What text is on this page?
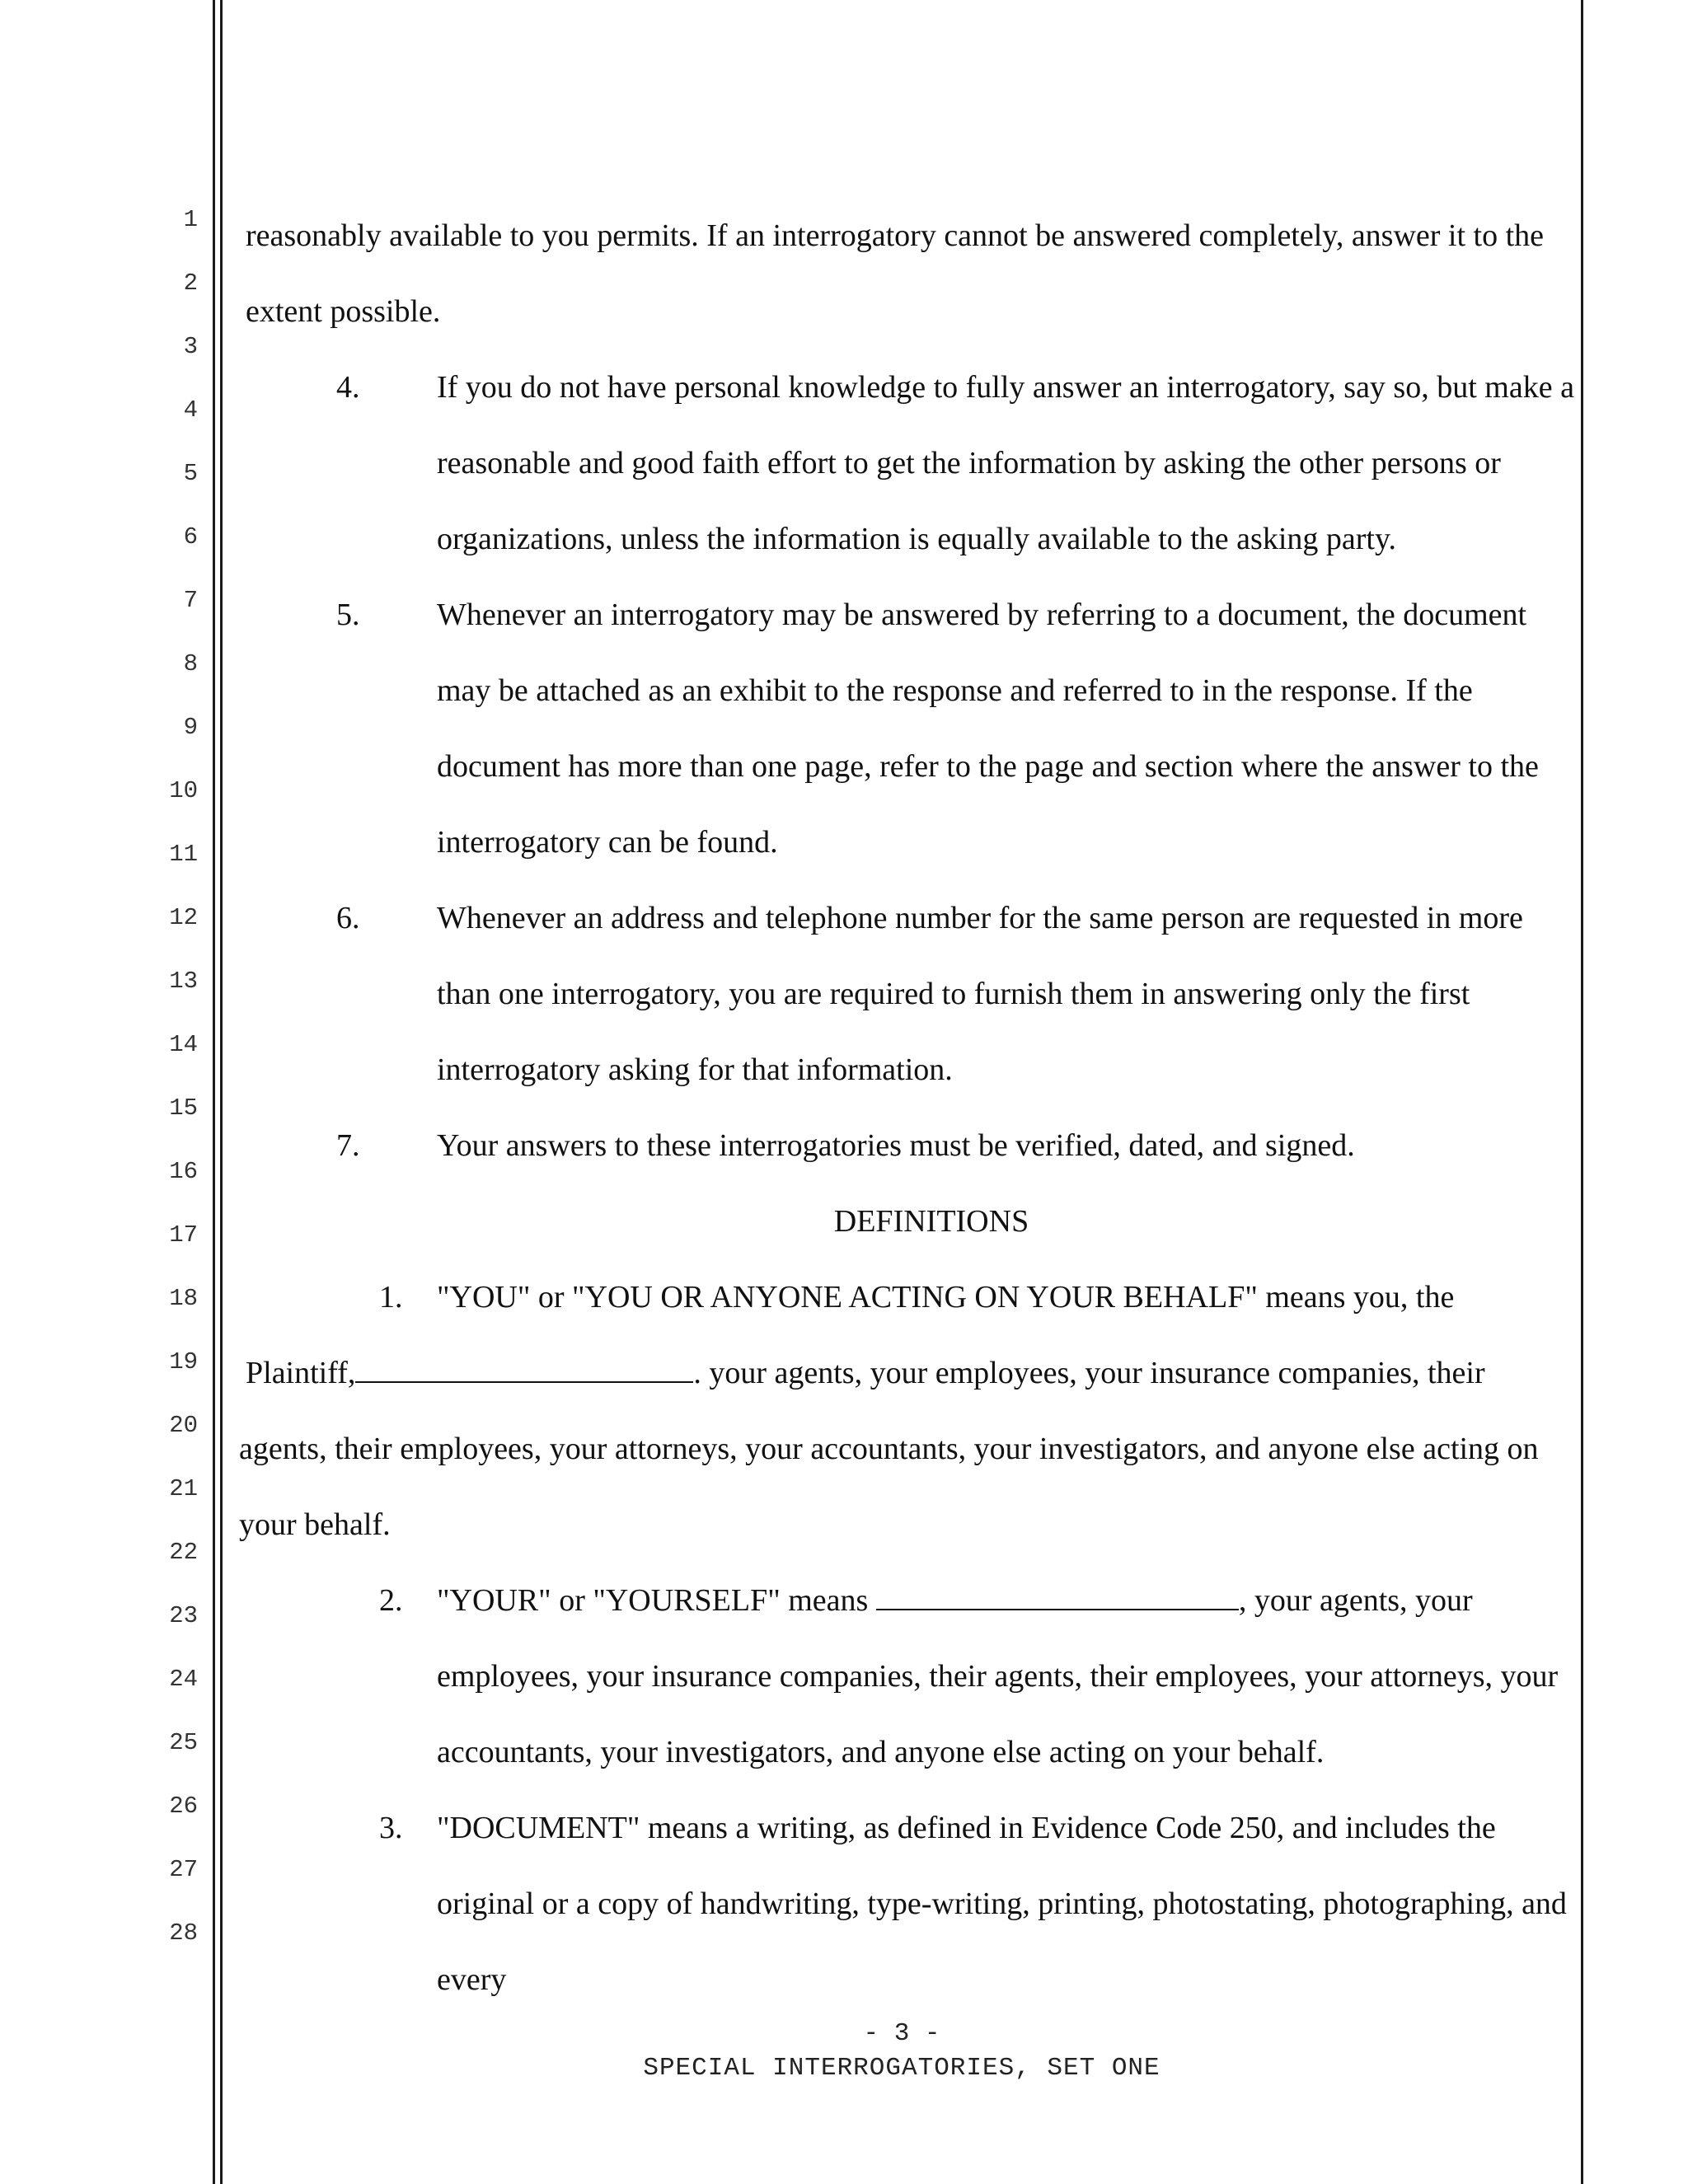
1
2
3
4
5
6
7
8
9
10
11
12
13
14
15
16
17
18
19
20
21
22
23
24
25
26
27
28

reasonably available to you permits. If an interrogatory cannot be answered completely, answer it to the extent possible.

4. If you do not have personal knowledge to fully answer an interrogatory, say so, but make a reasonable and good faith effort to get the information by asking the other persons or organizations, unless the information is equally available to the asking party.

5. Whenever an interrogatory may be answered by referring to a document, the document may be attached as an exhibit to the response and referred to in the response. If the document has more than one page, refer to the page and section where the answer to the interrogatory can be found.

6. Whenever an address and telephone number for the same person are requested in more than one interrogatory, you are required to furnish them in answering only the first interrogatory asking for that information.

7. Your answers to these interrogatories must be verified, dated, and signed.

DEFINITIONS

1. "YOU" or "YOU OR ANYONE ACTING ON YOUR BEHALF" means you, the

Plaintiff,	. your agents, your employees, your insurance companies, their agents, their employees, your attorneys, your accountants, your investigators, and anyone else acting on your behalf.

2. "YOUR" or "YOURSELF" means	, your agents, your employees, your insurance companies, their agents, their employees, your attorneys, your accountants, your investigators, and anyone else acting on your behalf.

3. "DOCUMENT" means a writing, as defined in Evidence Code 250, and includes the original or a copy of handwriting, type-writing, printing, photostating, photographing, and every

- 3 -
SPECIAL INTERROGATORIES, SET ONE
